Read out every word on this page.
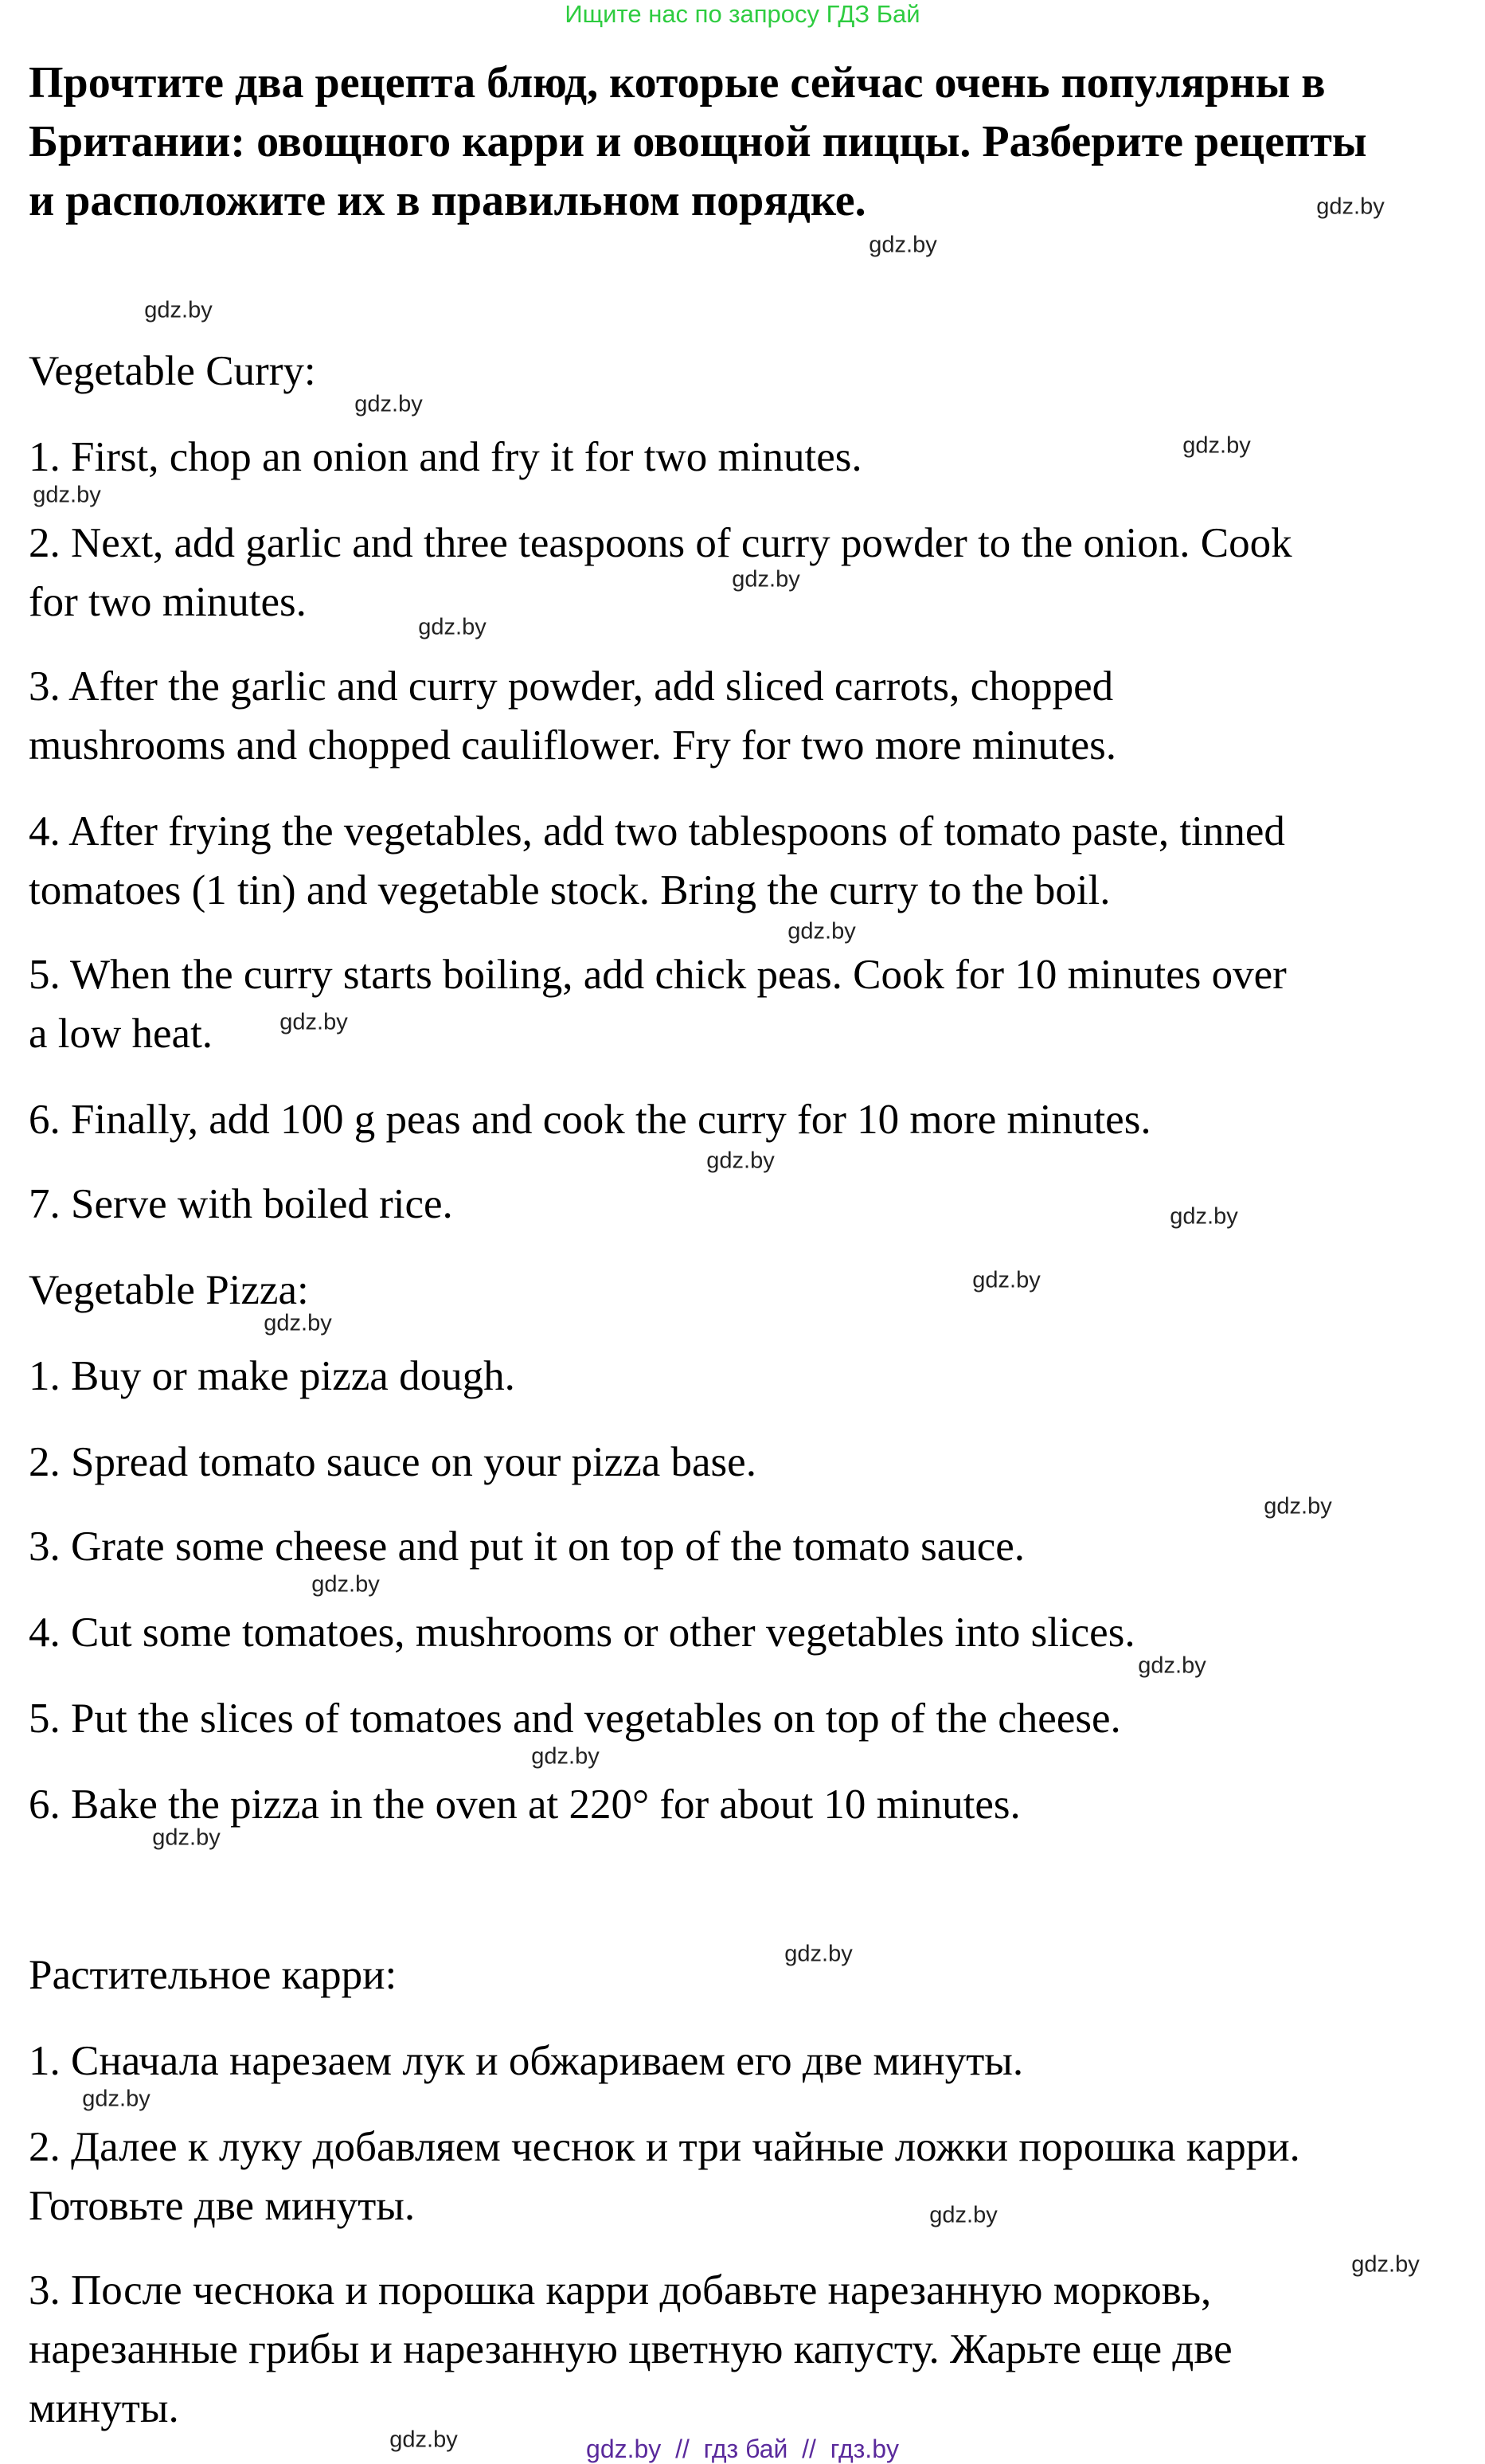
Ищите нас по запросу ГДЗ Бай
Прочтите два рецепта блюд, которые сейчас очень популярны в
Британии: овощного карри и овощной пиццы. Разберите рецепты
и расположите их в правильном порядке.
Vegetable Curry:
1. First, chop an onion and fry it for two minutes.
2. Next, add garlic and three teaspoons of curry powder to the onion. Cook
for two minutes.
3. After the garlic and curry powder, add sliced carrots, chopped
mushrooms and chopped cauliflower. Fry for two more minutes.
4. After frying the vegetables, add two tablespoons of tomato paste, tinned
tomatoes (1 tin) and vegetable stock. Bring the curry to the boil.
5. When the curry starts boiling, add chick peas. Cook for 10 minutes over
a low heat.
6. Finally, add 100 g peas and cook the curry for 10 more minutes.
7. Serve with boiled rice.
Vegetable Pizza:
1. Buy or make pizza dough.
2. Spread tomato sauce on your pizza base.
3. Grate some cheese and put it on top of the tomato sauce.
4. Cut some tomatoes, mushrooms or other vegetables into slices.
5. Put the slices of tomatoes and vegetables on top of the cheese.
6. Bake the pizza in the oven at 220° for about 10 minutes.
Растительное карри:
1. Сначала нарезаем лук и обжариваем его две минуты.
2. Далее к луку добавляем чеснок и три чайные ложки порошка карри.
Готовьте две минуты.
3. После чеснока и порошка карри добавьте нарезанную морковь,
нарезанные грибы и нарезанную цветную капусту. Жарьте еще две
минуты.
gdz.by
gdz.by
gdz.by
gdz.by
gdz.by
gdz.by
gdz.by
gdz.by
gdz.by
gdz.by
gdz.by
gdz.by
gdz.by
gdz.by
gdz.by
gdz.by
gdz.by
gdz.by
gdz.by
gdz.by
gdz.by
gdz.by
gdz.by
gdz.by	gdz.by  //  гдз бай  //  гдз.by
